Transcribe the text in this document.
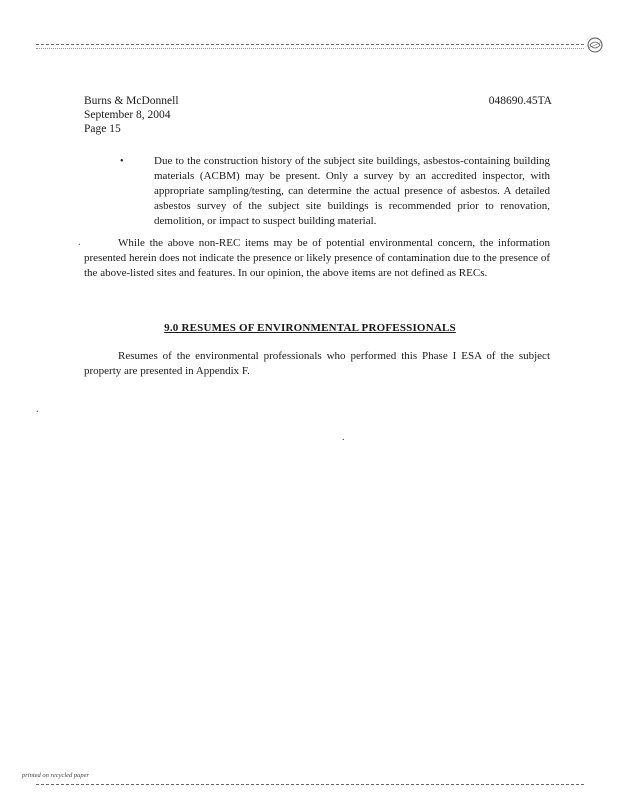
Burns & McDonnell
September 8, 2004
Page 15
048690.45TA
•	Due to the construction history of the subject site buildings, asbestos-containing building materials (ACBM) may be present. Only a survey by an accredited inspector, with appropriate sampling/testing, can determine the actual presence of asbestos. A detailed asbestos survey of the subject site buildings is recommended prior to renovation, demolition, or impact to suspect building material.
.	While the above non-REC items may be of potential environmental concern, the information presented herein does not indicate the presence or likely presence of contamination due to the presence of the above-listed sites and features. In our opinion, the above items are not defined as RECs.
9.0 RESUMES OF ENVIRONMENTAL PROFESSIONALS
Resumes of the environmental professionals who performed this Phase I ESA of the subject property are presented in Appendix F.
.
.
printed on recycled paper
